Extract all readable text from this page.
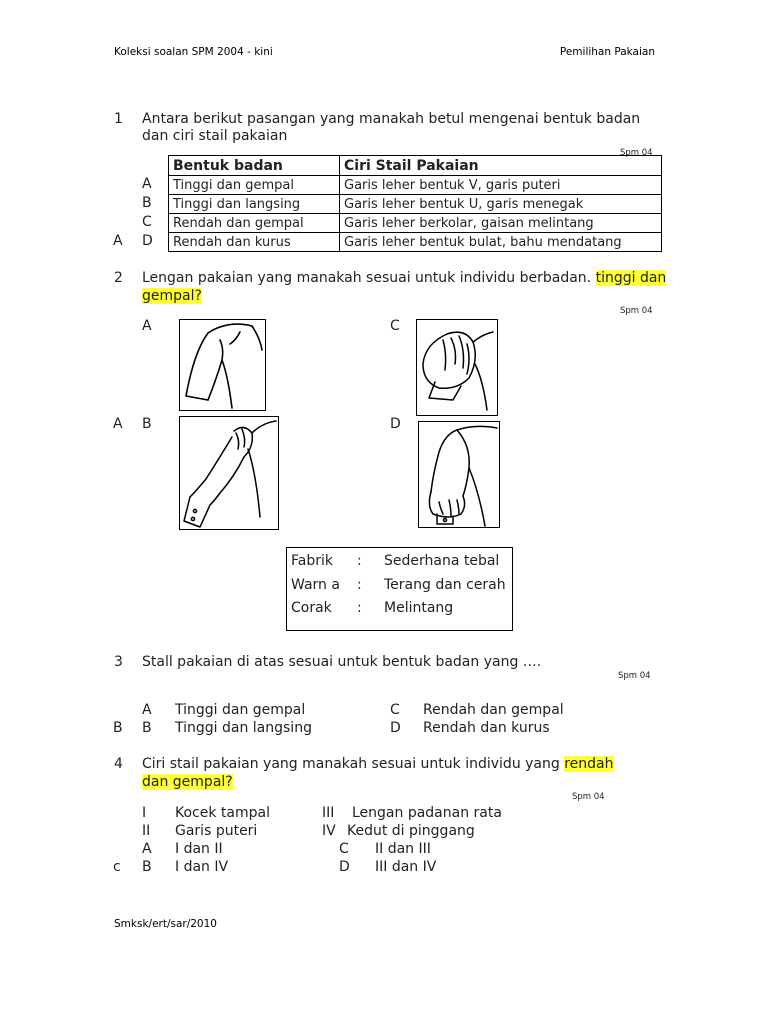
Koleksi soalan SPM 2004 - kini	Pemilihan Pakaian
1 Antara berikut pasangan yang manakah betul mengenai bentuk badan
dan ciri stail pakaian
Spm 04
A
B
C
D
A
Bentuk badan	Ciri Stail Pakaian
Tinggi dan gempal	Garis leher bentuk V, garis puteri
Tinggi dan langsing	Garis leher bentuk U, garis menegak
Rendah dan gempal	Garis leher berkolar, gaisan melintang
Rendah dan kurus	Garis leher bentuk bulat, bahu mendatang
2 Lengan pakaian yang manakah sesuai untuk individu berbadan. tinggi dan
gempal?
Spm 04
A	C
B	D
A
Fabrik : Sederhana tebal
Warn a : Terang dan cerah
Corak : Melintang
3 Stall pakaian di atas sesuai untuk bentuk badan yang ….
Spm 04
A Tinggi dan gempal	C Rendah dan gempal
B B Tinggi dan langsing	D Rendah dan kurus
4 Ciri stail pakaian yang manakah sesuai untuk individu yang rendah
dan gempal?
Spm 04
I Kocek tampal	III Lengan padanan rata
II Garis puteri	IV Kedut di pinggang
A I dan II	C II dan III
c B I dan IV	D III dan IV
Smksk/ert/sar/2010
